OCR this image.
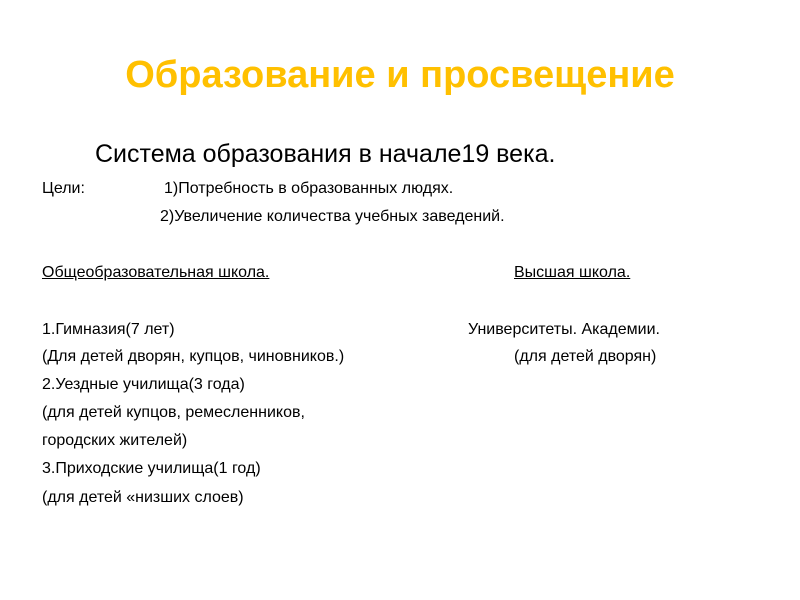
Образование и просвещение
Система образования в начале19 века.
Цели:	1)Потребность в образованных людях.
2)Увеличение количества учебных заведений.
Общеобразовательная школа.	Высшая школа.
1.Гимназия(7 лет)
(Для детей дворян, купцов, чиновников.)
2.Уездные училища(3 года)
(для детей купцов, ремесленников,
городских жителей)
3.Приходские училища(1 год)
(для детей «низших слоев)
Университеты. Академии.
(для детей дворян)
